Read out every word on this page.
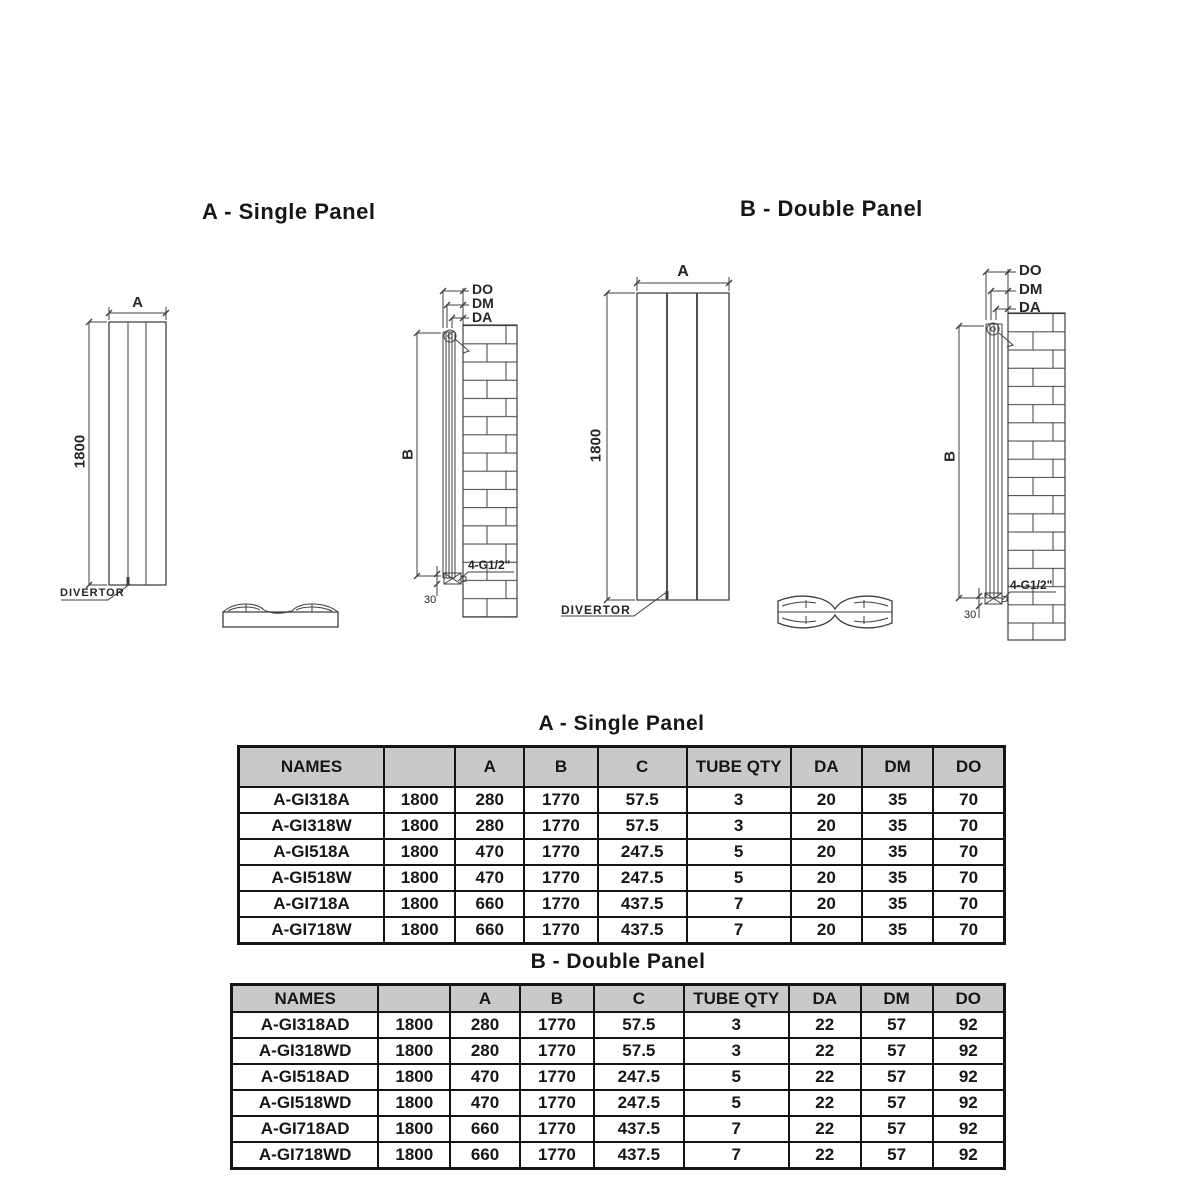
A - Single Panel	B - Double Panel
A
1800
DIVERTOR
DO
DM
DA
B
30
4-G1/2"
A
1800
DIVERTOR
DO
DM
DA
B
30
4-G1/2"
A - Single Panel
NAMES		A	B	C	TUBE QTY	DA	DM	DO
A-GI318A	1800	280	1770	57.5	3	20	35	70
A-GI318W	1800	280	1770	57.5	3	20	35	70
A-GI518A	1800	470	1770	247.5	5	20	35	70
A-GI518W	1800	470	1770	247.5	5	20	35	70
A-GI718A	1800	660	1770	437.5	7	20	35	70
A-GI718W	1800	660	1770	437.5	7	20	35	70
B - Double Panel
NAMES		A	B	C	TUBE QTY	DA	DM	DO
A-GI318AD	1800	280	1770	57.5	3	22	57	92
A-GI318WD	1800	280	1770	57.5	3	22	57	92
A-GI518AD	1800	470	1770	247.5	5	22	57	92
A-GI518WD	1800	470	1770	247.5	5	22	57	92
A-GI718AD	1800	660	1770	437.5	7	22	57	92
A-GI718WD	1800	660	1770	437.5	7	22	57	92
